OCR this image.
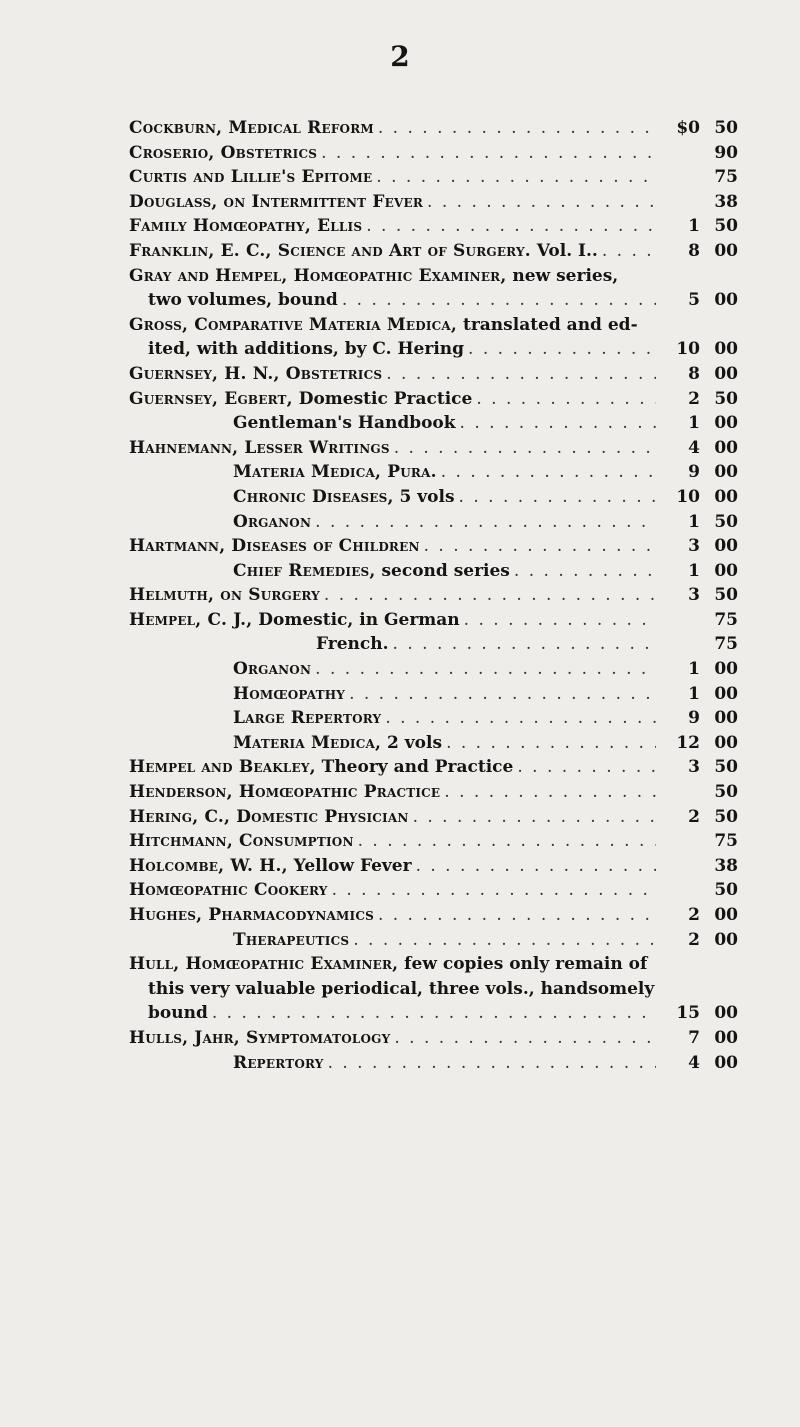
2
Cockburn, Medical Reform . . .	$0 50
Croserio, Obstetrics . . .	90
Curtis and Lillie's Epitome . . .	75
Douglass, on Intermittent Fever . . .	38
Family Homœopathy, Ellis . . .	1 50
Franklin, E. C., Science and Art of Surgery. Vol. I.. . . .	8 00
Gray and Hempel, Homœopathic Examiner, new series,
two volumes, bound . . .	5 00
Gross, Comparative Materia Medica, translated and ed-
ited, with additions, by C. Hering . . .	10 00
Guernsey, H. N., Obstetrics . . .	8 00
Guernsey, Egbert, Domestic Practice . . .	2 50
Gentleman's Handbook . . .	1 00
Hahnemann, Lesser Writings . . .	4 00
Materia Medica, Pura. . . .	9 00
Chronic Diseases, 5 vols . . .	10 00
Organon . . .	1 50
Hartmann, Diseases of Children . . .	3 00
Chief Remedies, second series . . .	1 00
Helmuth, on Surgery . . .	3 50
Hempel, C. J., Domestic, in German . . .	75
French. . . .	75
Organon . . .	1 00
Homœopathy . . .	1 00
Large Repertory . . .	9 00
Materia Medica, 2 vols . . .	12 00
Hempel and Beakley, Theory and Practice . . .	3 50
Henderson, Homœopathic Practice . . .	50
Hering, C., Domestic Physician . . .	2 50
Hitchmann, Consumption . . .	75
Holcombe, W. H., Yellow Fever . . .	38
Homœopathic Cookery . . .	50
Hughes, Pharmacodynamics . . .	2 00
Therapeutics . . .	2 00
Hull, Homœopathic Examiner, few copies only remain of
this very valuable periodical, three vols., handsomely
bound . . .	15 00
Hulls, Jahr, Symptomatology . . .	7 00
Repertory . . .	4 00
